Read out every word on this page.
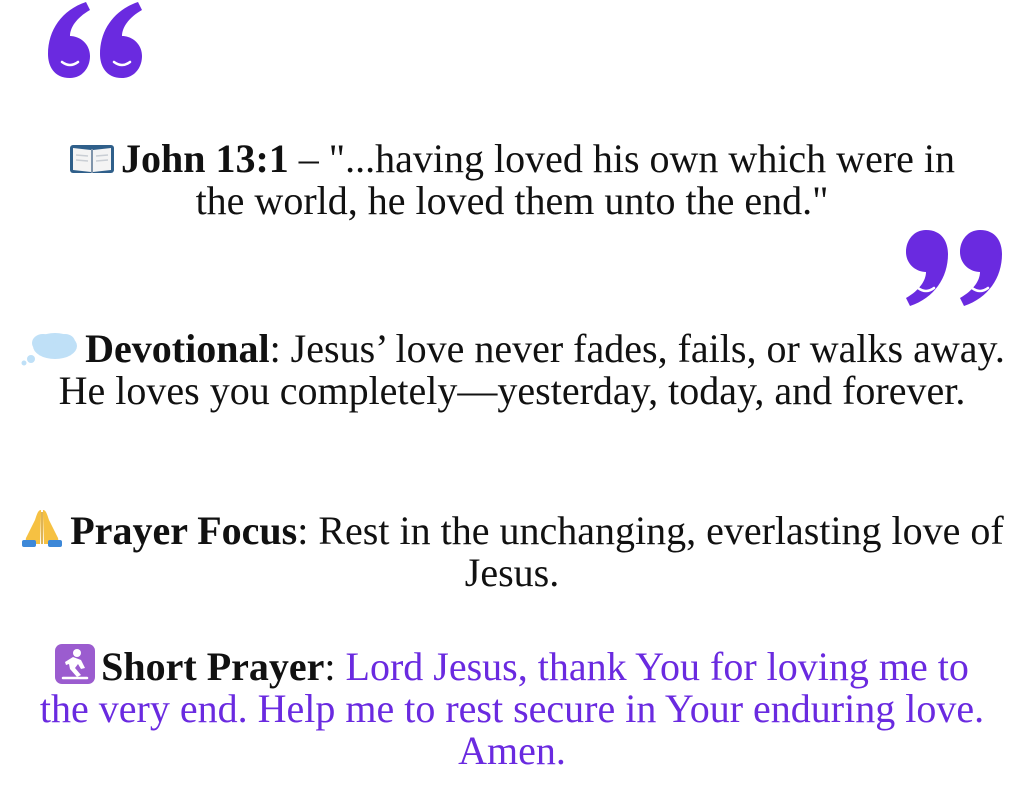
John 13:1 – "...having loved his own which were in the world, he loved them unto the end."
Devotional: Jesus’ love never fades, fails, or walks away. He loves you completely—yesterday, today, and forever.
Prayer Focus: Rest in the unchanging, everlasting love of Jesus.
Short Prayer: Lord Jesus, thank You for loving me to the very end. Help me to rest secure in Your enduring love. Amen.
